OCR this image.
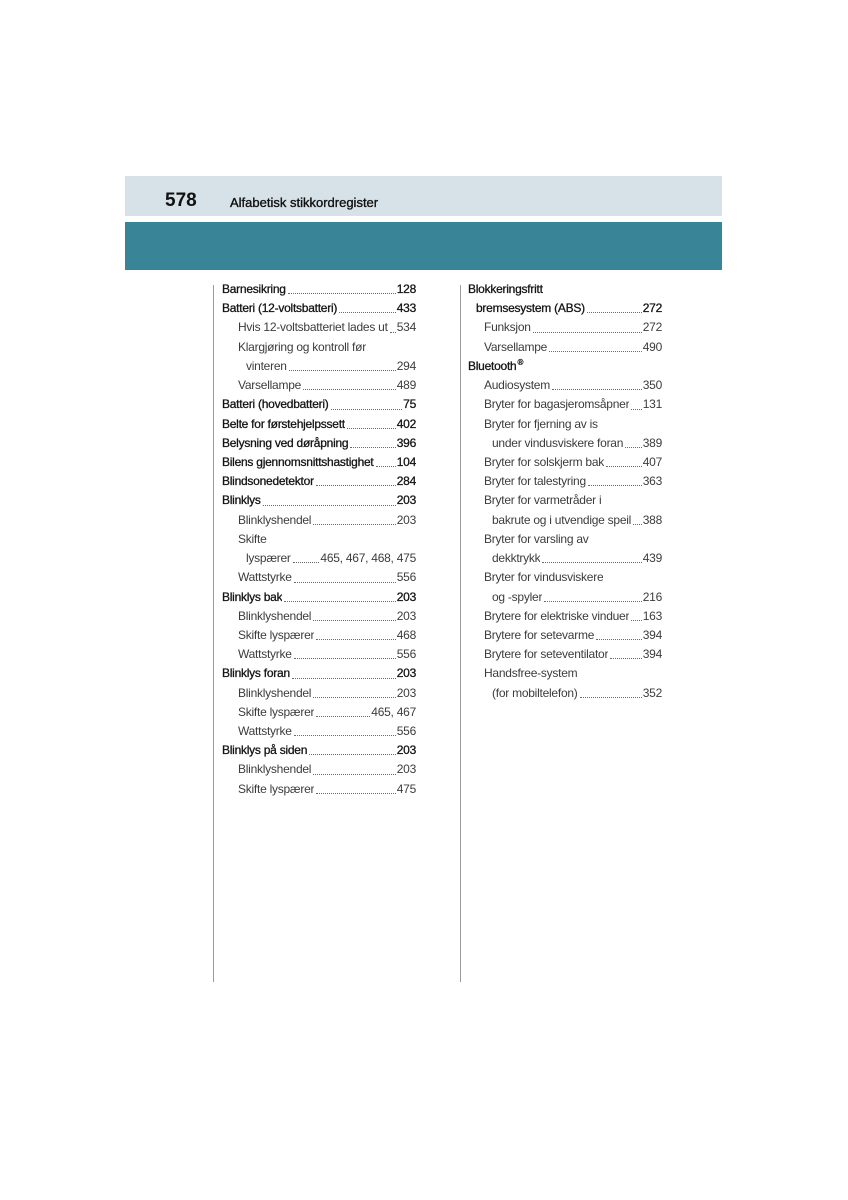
578	Alfabetisk stikkordregister
Barnesikring	128
Batteri (12-voltsbatteri)	433
Hvis 12-voltsbatteriet lades ut 534
Klargjøring og kontroll før
vinteren	294
Varsellampe	489
Batteri (hovedbatteri)	75
Belte for førstehjelpssett	402
Belysning ved døråpning	396
Bilens gjennomsnittshastighet 104
Blindsonedetektor	284
Blinklys	203
Blinklyshendel	203
Skifte
lyspærer 465, 467, 468, 475
Wattstyrke	556
Blinklys bak	203
Blinklyshendel	203
Skifte lyspærer	468
Wattstyrke	556
Blinklys foran	203
Blinklyshendel	203
Skifte lyspærer	465, 467
Wattstyrke	556
Blinklys på siden	203
Blinklyshendel	203
Skifte lyspærer	475
Blokkeringsfritt
bremsesystem (ABS)	272
Funksjon	272
Varsellampe	490
Bluetooth®
Audiosystem	350
Bryter for bagasjeromsåpner 131
Bryter for fjerning av is
under vindusviskere foran 389
Bryter for solskjerm bak	407
Bryter for talestyring	363
Bryter for varmetråder i
bakrute og i utvendige speil 388
Bryter for varsling av
dekktrykk	439
Bryter for vindusviskere
og -spyler	216
Brytere for elektriske vinduer 163
Brytere for setevarme	394
Brytere for seteventilator	394
Handsfree-system
(for mobiltelefon)	352
